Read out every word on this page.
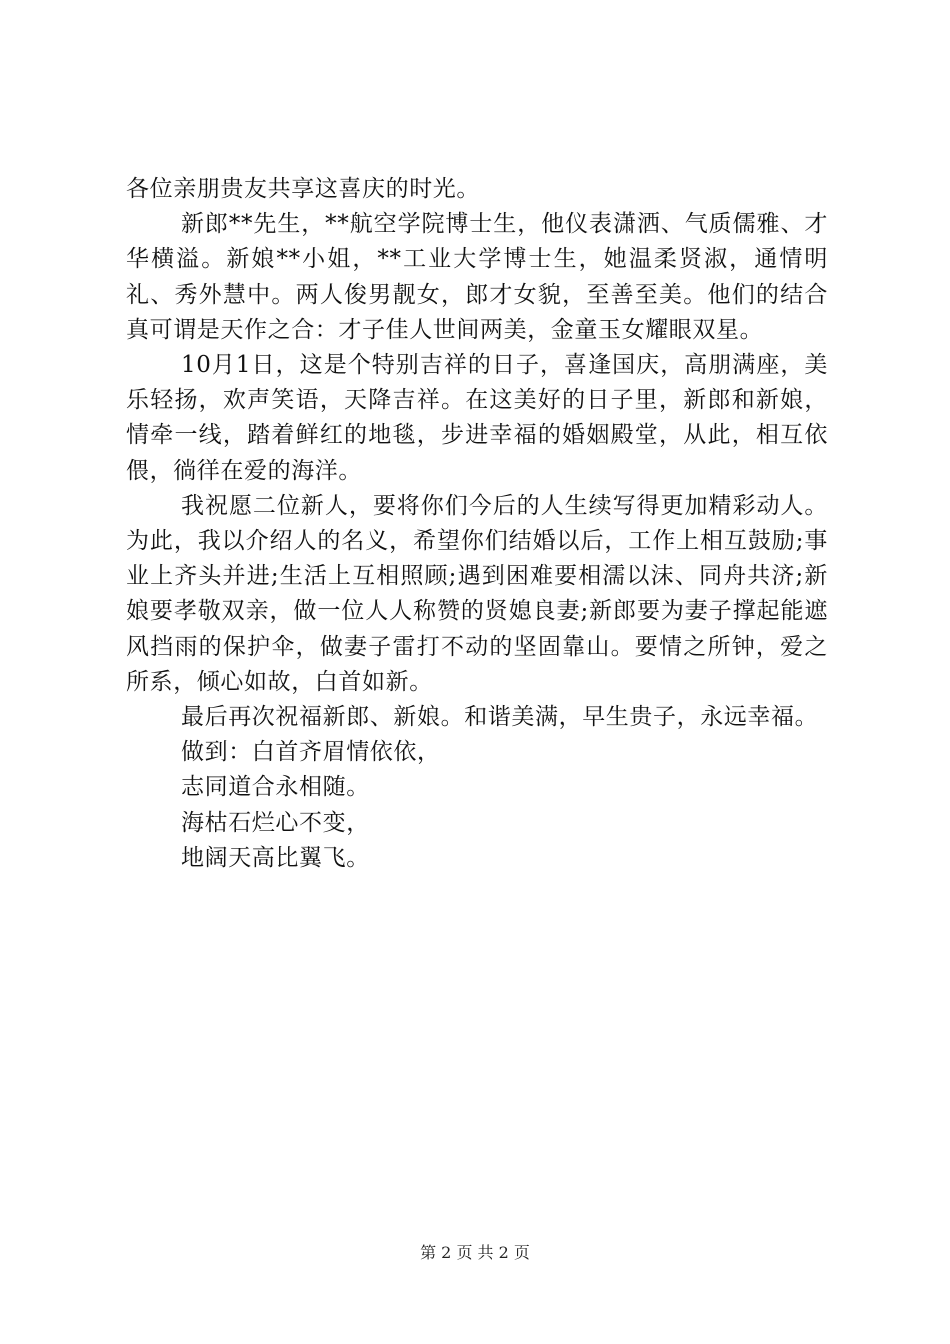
各位亲朋贵友共享这喜庆的时光。

新郎**先生，**航空学院博士生，他仪表潇洒、气质儒雅、才华横溢。新娘**小姐，**工业大学博士生，她温柔贤淑，通情明礼、秀外慧中。两人俊男靓女，郎才女貌，至善至美。他们的结合真可谓是天作之合：才子佳人世间两美，金童玉女耀眼双星。

10月1日，这是个特别吉祥的日子，喜逢国庆，高朋满座，美乐轻扬，欢声笑语，天降吉祥。在这美好的日子里，新郎和新娘，情牵一线，踏着鲜红的地毯，步进幸福的婚姻殿堂，从此，相互依偎，徜徉在爱的海洋。

我祝愿二位新人，要将你们今后的人生续写得更加精彩动人。为此，我以介绍人的名义，希望你们结婚以后，工作上相互鼓励;事业上齐头并进;生活上互相照顾;遇到困难要相濡以沫、同舟共济;新娘要孝敬双亲，做一位人人称赞的贤媳良妻;新郎要为妻子撑起能遮风挡雨的保护伞，做妻子雷打不动的坚固靠山。要情之所钟，爱之所系，倾心如故，白首如新。

最后再次祝福新郎、新娘。和谐美满，早生贵子，永远幸福。

做到：白首齐眉情依依，
志同道合永相随。
海枯石烂心不变，
地阔天高比翼飞。
第 2 页 共 2 页
